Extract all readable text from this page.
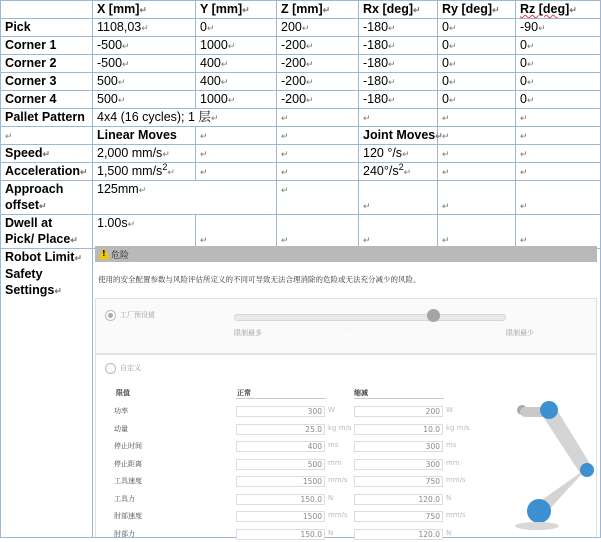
	X [mm]↵	Y [mm]↵	Z [mm]↵	Rx [deg]↵	Ry [deg]↵	Rz [deg]↵
Pick	1108,03↵	0↵	200↵	-180↵	0↵	-90↵
Corner 1	-500↵	1000↵	-200↵	-180↵	0↵	0↵
Corner 2	-500↵	400↵	-200↵	-180↵	0↵	0↵
Corner 3	500↵	400↵	-200↵	-180↵	0↵	0↵
Corner 4	500↵	1000↵	-200↵	-180↵	0↵	0↵
Pallet Pattern	4x4 (16 cycles); 1 层↵		↵	↵	↵	↵
↵	Linear Moves	↵	↵	Joint Moves↵	↵	↵
Speed↵	2,000 mm/s↵	↵	↵	120 °/s↵	↵	↵
Acceleration↵	1,500 $mm/s^2↵$	↵	↵	$240^\circ/s^2↵$	↵	↵
Approach
offset↵	125mm↵		↵	↵	↵	↵
Dwell at
Pick/ Place↵	1.00s↵	↵	↵	↵	↵	↵
Robot Limit↵
Safety
Settings↵						
! 危险
使用的安全配置参数与风险评估所定义的不同可导致无法合理消除的危险或无法充分减少的风险。
工厂预设值
·
限制最多	限制最少
自定义
限值	正常	缩减
功率	300 W	200 W
动量	25.0 kg m/s	10.0 kg m/s
停止时间	400 ms	300 ms
停止距离	500 mm	300 mm
工具速度	1500 mm/s	750 mm/s
工具力	150.0 N	120.0 N
肘部速度	1500 mm/s	750 mm/s
肘部力	150.0 N	120.0 N
